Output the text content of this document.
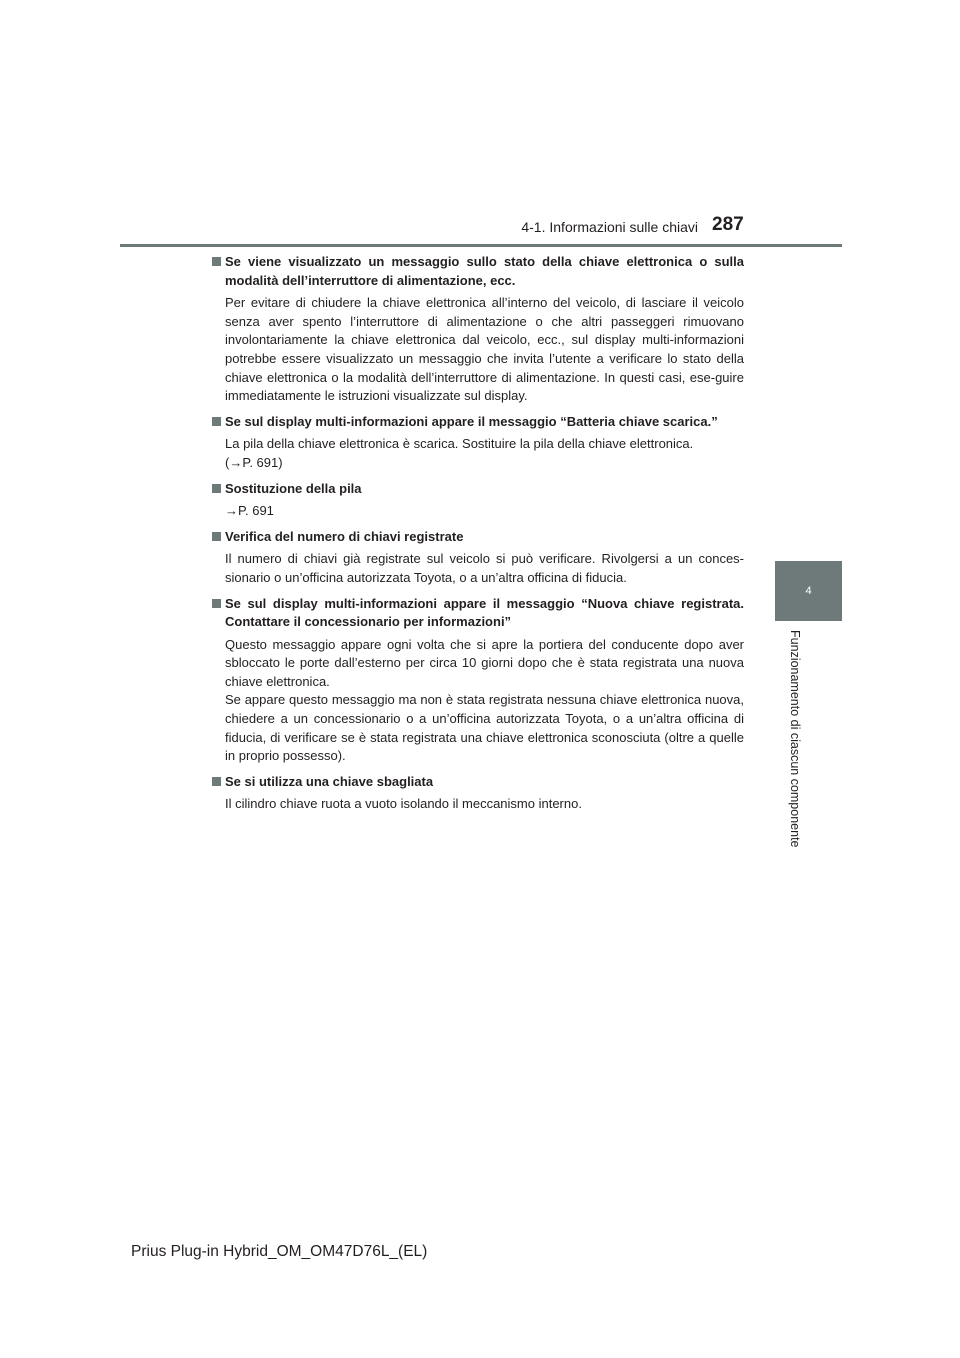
4-1. Informazioni sulle chiavi 287
4
Funzionamento di ciascun componente
Se viene visualizzato un messaggio sullo stato della chiave elettronica o sulla modalità dell’interruttore di alimentazione, ecc.

Per evitare di chiudere la chiave elettronica all’interno del veicolo, di lasciare il veicolo senza aver spento l’interruttore di alimentazione o che altri passeggeri rimuovano involontariamente la chiave elettronica dal veicolo, ecc., sul display multi-informazioni potrebbe essere visualizzato un messaggio che invita l’utente a verificare lo stato della chiave elettronica o la modalità dell’interruttore di alimentazione. In questi casi, ese-guire immediatamente le istruzioni visualizzate sul display.

Se sul display multi-informazioni appare il messaggio “Batteria chiave scarica.”

La pila della chiave elettronica è scarica. Sostituire la pila della chiave elettronica.

(→P. 691)

Sostituzione della pila

→P. 691

Verifica del numero di chiavi registrate

Il numero di chiavi già registrate sul veicolo si può verificare. Rivolgersi a un conces-sionario o un’officina autorizzata Toyota, o a un’altra officina di fiducia.

Se sul display multi-informazioni appare il messaggio “Nuova chiave registrata. Contattare il concessionario per informazioni”

Questo messaggio appare ogni volta che si apre la portiera del conducente dopo aver sbloccato le porte dall’esterno per circa 10 giorni dopo che è stata registrata una nuova chiave elettronica.

Se appare questo messaggio ma non è stata registrata nessuna chiave elettronica nuova, chiedere a un concessionario o a un’officina autorizzata Toyota, o a un’altra officina di fiducia, di verificare se è stata registrata una chiave elettronica sconosciuta (oltre a quelle in proprio possesso).

Se si utilizza una chiave sbagliata

Il cilindro chiave ruota a vuoto isolando il meccanismo interno.

Prius Plug-in Hybrid_OM_OM47D76L_(EL)
